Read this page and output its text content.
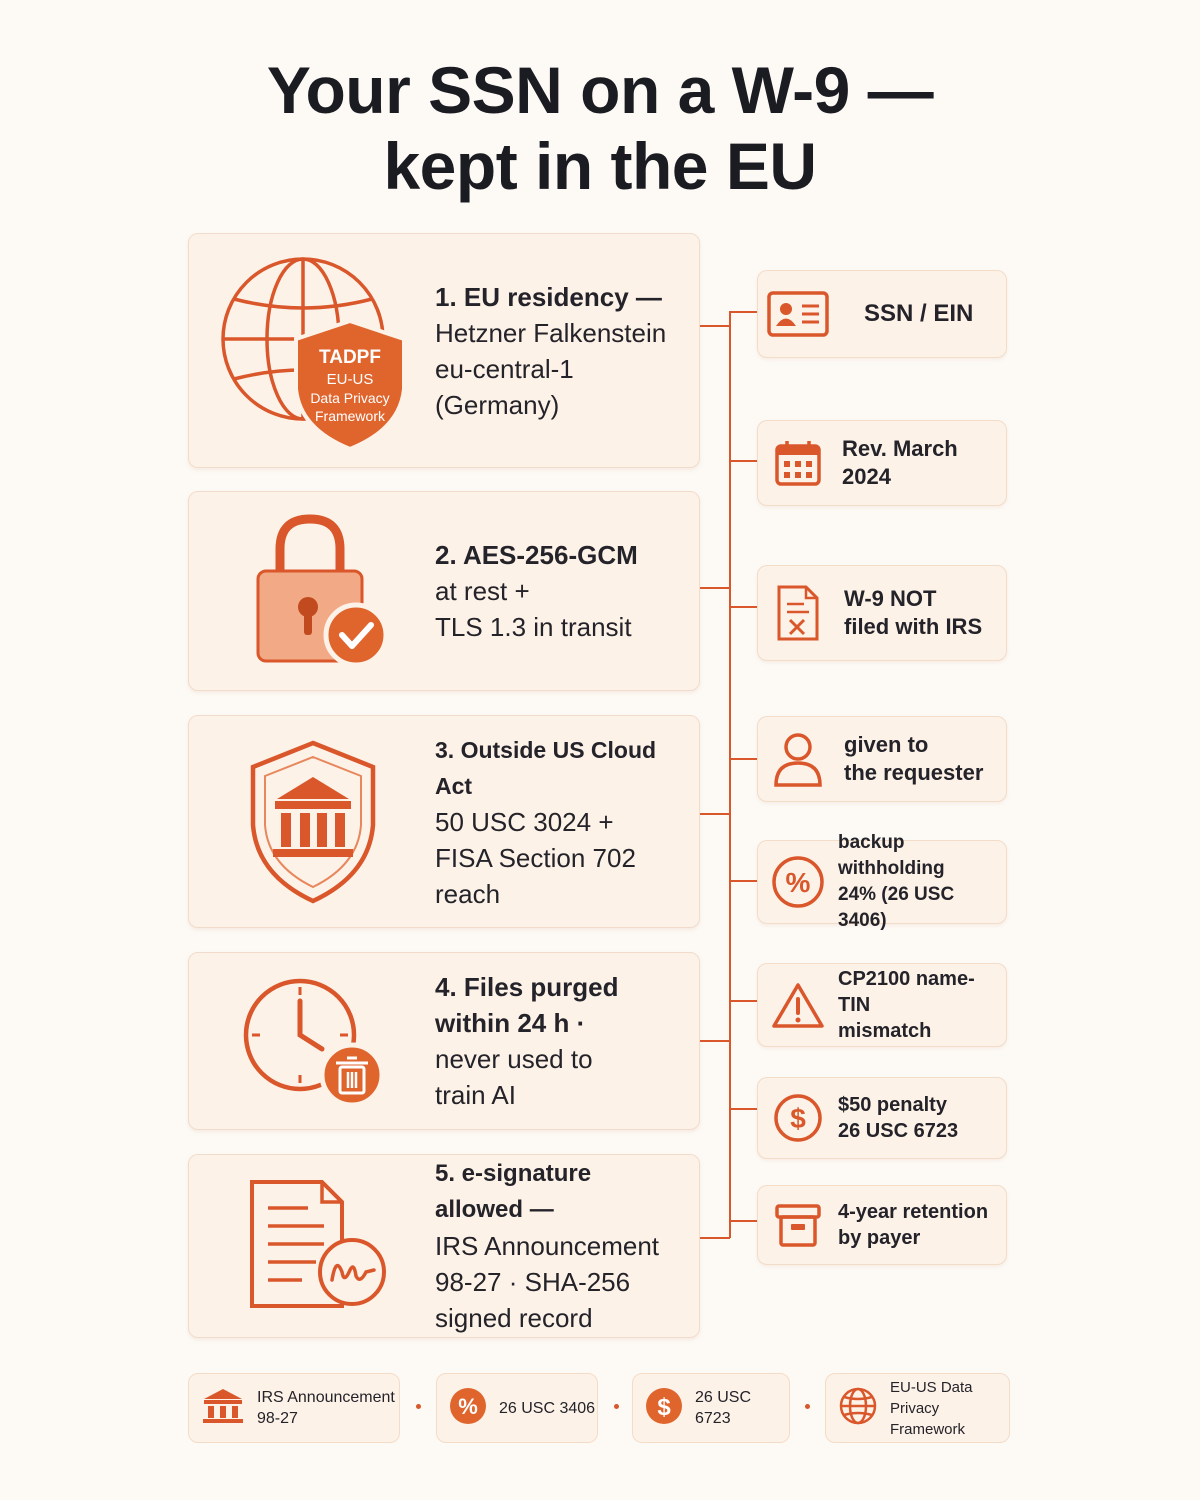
Your SSN on a W-9 —
kept in the EU
TADPF
EU-US
Data Privacy
Framework
1. EU residency —
Hetzner Falkenstein
eu-central-1
(Germany)
2. AES-256-GCM
at rest +
TLS 1.3 in transit
3. Outside US Cloud Act
50 USC 3024 +
FISA Section 702
reach
4. Files purged
within 24 h ·
never used to
train AI
5. e-signature allowed —
IRS Announcement
98-27 · SHA-256
signed record
SSN / EIN
Rev. March 2024
W-9 NOT
filed with IRS
given to
the requester
%
backup withholding
24% (26 USC 3406)
CP2100 name-TIN
mismatch
$ $50 penalty
26 USC 6723
4-year retention
by payer
IRS Announcement
98-27	% 26 USC 3406	$ 26 USC 6723
EU-US Data
Privacy Framework
